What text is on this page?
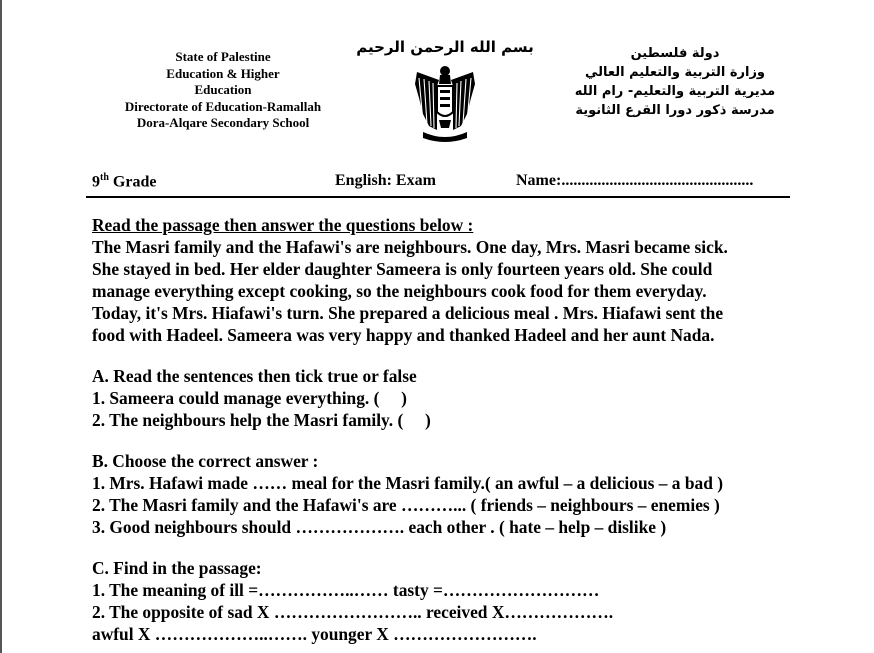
State of Palestine
Education & Higher
Education
Directorate of Education-Ramallah
Dora-Alqare Secondary School
بسم الله الرحمن الرحيم	دولة فلسطين
وزارة التربية والتعليم العالي
مديرية التربية والتعليم- رام الله
مدرسة ذكور دورا القرع الثانوية
9th Grade	English: Exam	Name:................................................
Read the passage then answer the questions below :
The Masri family and the Hafawi's are neighbours. One day, Mrs. Masri became sick.
She stayed in bed. Her elder daughter Sameera is only fourteen years old. She could
manage everything except cooking, so the neighbours cook food for them everyday.
Today, it's Mrs. Hiafawi's turn. She prepared a delicious meal . Mrs. Hiafawi sent the
food with Hadeel. Sameera was very happy and thanked Hadeel and her aunt Nada.
A. Read the sentences then tick true or false
1. Sameera could manage everything. (     )
2. The neighbours help the Masri family. (     )
B. Choose the correct answer :
1. Mrs. Hafawi made …… meal for the Masri family.( an awful – a delicious – a bad )
2. The Masri family and the Hafawi's are ………... ( friends – neighbours – enemies )
3. Good neighbours should ………………. each other . ( hate – help – dislike )
C. Find in the passage:
1. The meaning of ill =……………..…… tasty =………………………
2. The opposite of sad X …………………….. received X……………….
awful X ………………..……. younger X …………………….
